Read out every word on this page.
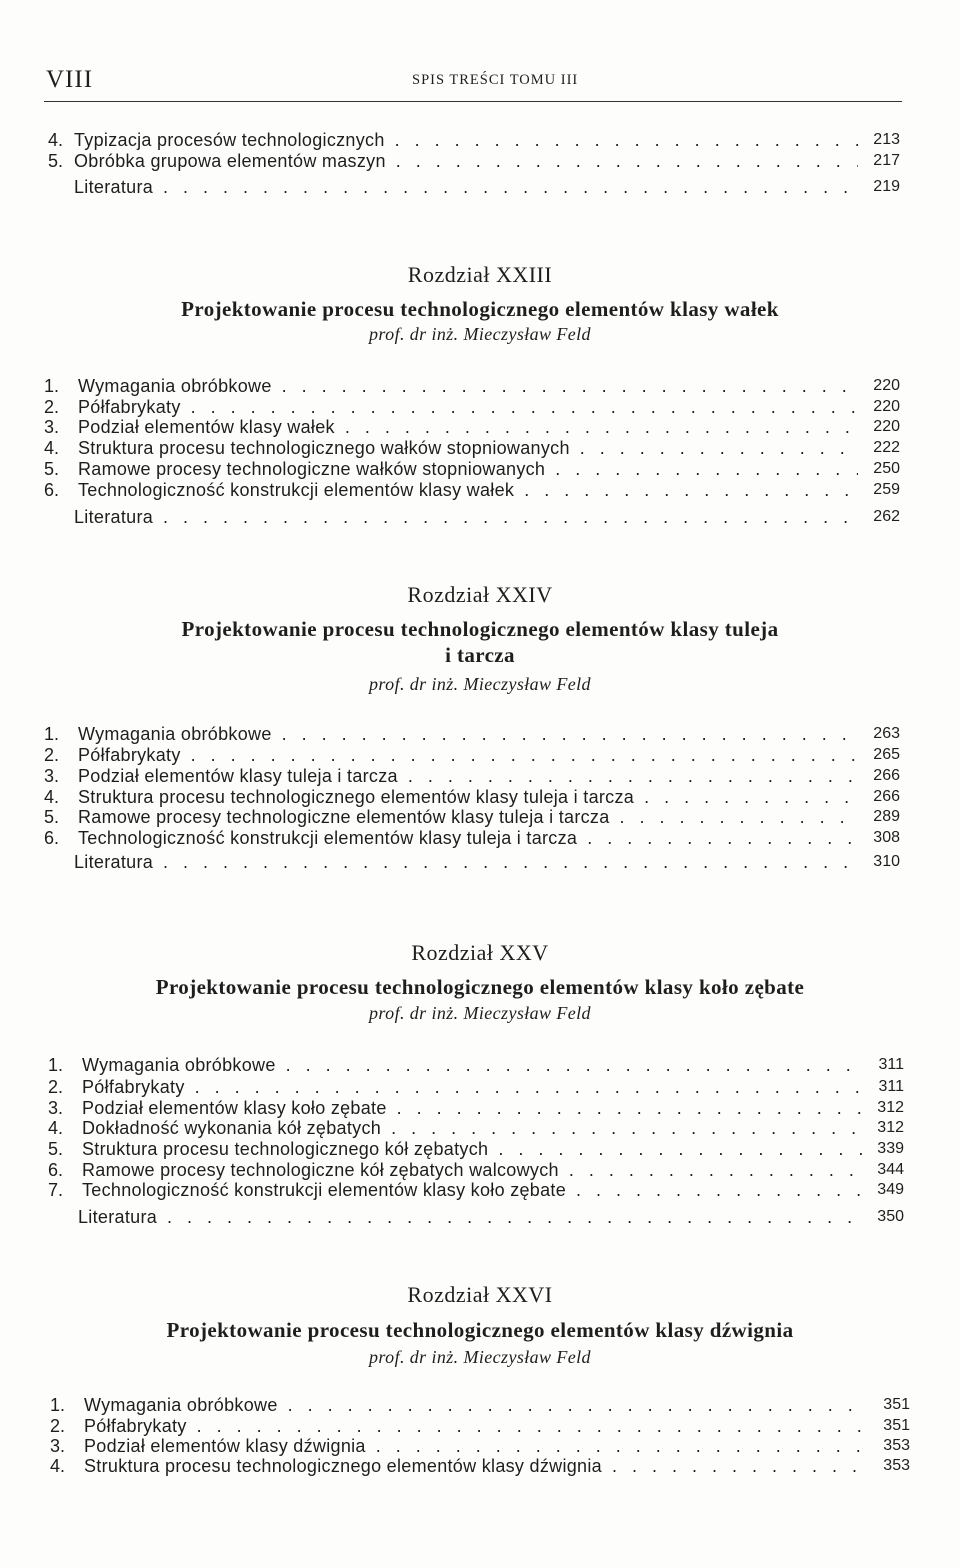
VIII	SPIS TREŚCI TOMU III
4. Typizacja procesów technologicznych . . .	213
5. Obróbka grupowa elementów maszyn . . .	217
Literatura . . .	219
Rozdział XXIII
Projektowanie procesu technologicznego elementów klasy wałek
prof. dr inż. Mieczysław Feld
1. Wymagania obróbkowe . . .	220
2. Półfabrykaty . . .	220
3. Podział elementów klasy wałek . . .	220
4. Struktura procesu technologicznego wałków stopniowanych . . .	222
5. Ramowe procesy technologiczne wałków stopniowanych . . .	250
6. Technologiczność konstrukcji elementów klasy wałek . . .	259
Literatura . . .	262
Rozdział XXIV
Projektowanie procesu technologicznego elementów klasy tuleja
i tarcza
prof. dr inż. Mieczysław Feld
1. Wymagania obróbkowe . . .	263
2. Półfabrykaty . . .	265
3. Podział elementów klasy tuleja i tarcza . . .	266
4. Struktura procesu technologicznego elementów klasy tuleja i tarcza . . .	266
5. Ramowe procesy technologiczne elementów klasy tuleja i tarcza . . .	289
6. Technologiczność konstrukcji elementów klasy tuleja i tarcza . . .	308
Literatura . . .	310
Rozdział XXV
Projektowanie procesu technologicznego elementów klasy koło zębate
prof. dr inż. Mieczysław Feld
1. Wymagania obróbkowe . . .	311
2. Półfabrykaty . . .	311
3. Podział elementów klasy koło zębate . . .	312
4. Dokładność wykonania kół zębatych . . .	312
5. Struktura procesu technologicznego kół zębatych . . .	339
6. Ramowe procesy technologiczne kół zębatych walcowych . . .	344
7. Technologiczność konstrukcji elementów klasy koło zębate . . .	349
Literatura . . .	350
Rozdział XXVI
Projektowanie procesu technologicznego elementów klasy dźwignia
prof. dr inż. Mieczysław Feld
1. Wymagania obróbkowe . . .	351
2. Półfabrykaty . . .	351
3. Podział elementów klasy dźwignia . . .	353
4. Struktura procesu technologicznego elementów klasy dźwignia . . .	353
